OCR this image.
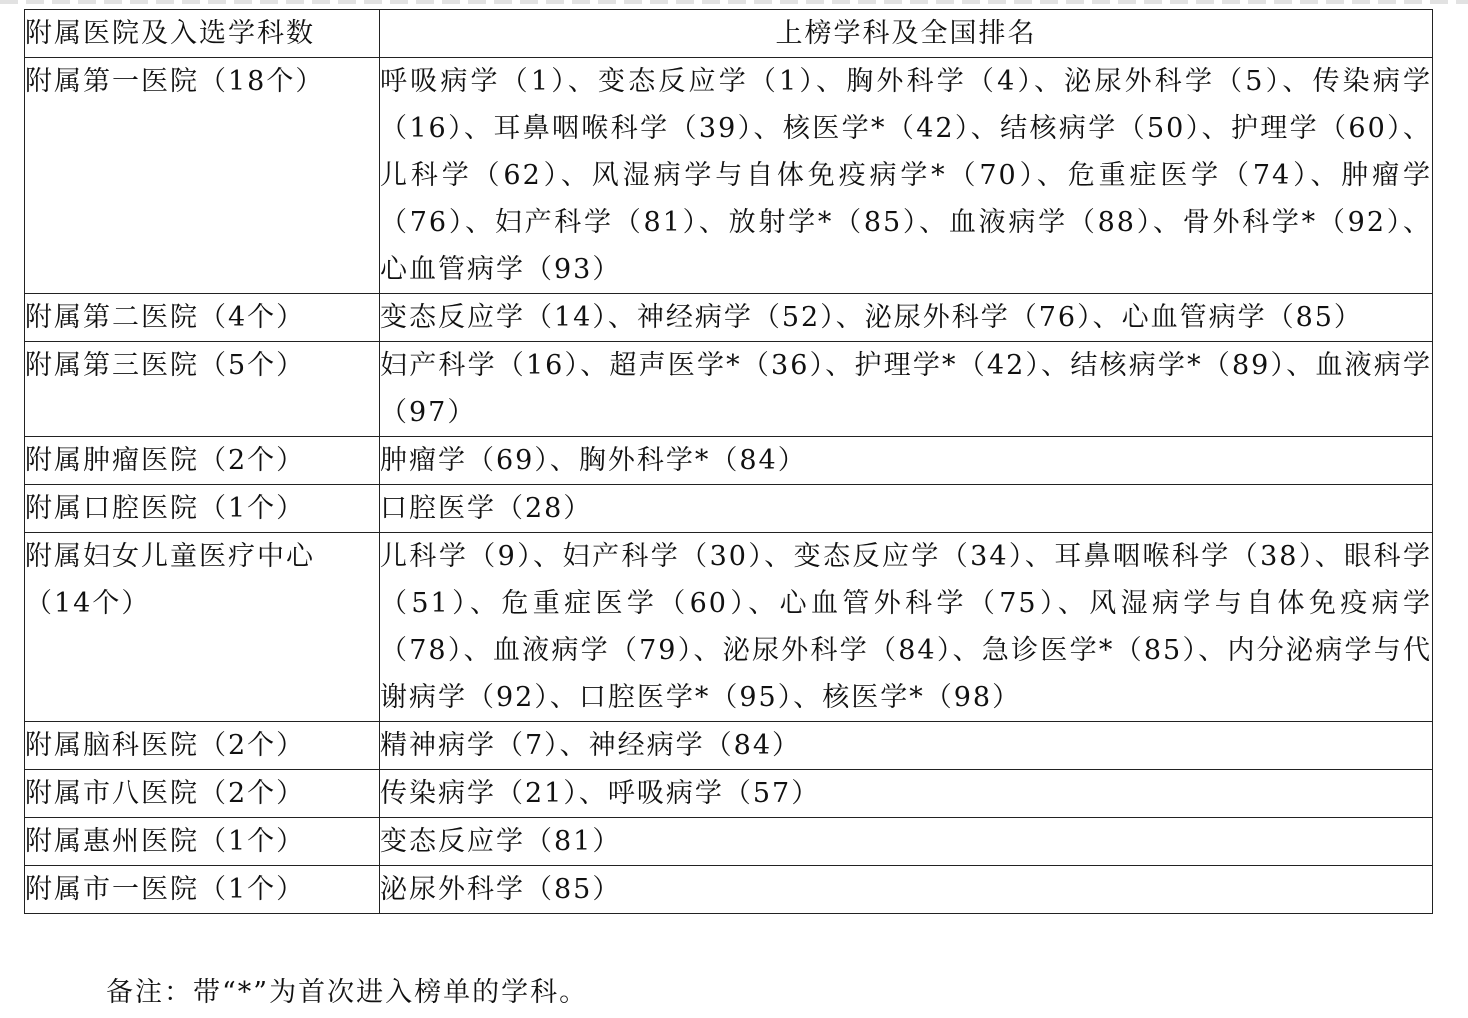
附属医院及入选学科数	上榜学科及全国排名
附属第一医院（18个）	呼吸病学（1）、变态反应学（1）、胸外科学（4）、泌尿外科学（5）、传染病学（16）、耳鼻咽喉科学（39）、核医学*（42）、结核病学（50）、护理学（60）、儿科学（62）、风湿病学与自体免疫病学*（70）、危重症医学（74）、肿瘤学（76）、妇产科学（81）、放射学*（85）、血液病学（88）、骨外科学*（92）、心血管病学（93）
附属第二医院（4个）	变态反应学（14）、神经病学（52）、泌尿外科学（76）、心血管病学（85）
附属第三医院（5个）	妇产科学（16）、超声医学*（36）、护理学*（42）、结核病学*（89）、血液病学（97）
附属肿瘤医院（2个）	肿瘤学（69）、胸外科学*（84）
附属口腔医院（1个）	口腔医学（28）
附属妇女儿童医疗中心（14个）	儿科学（9）、妇产科学（30）、变态反应学（34）、耳鼻咽喉科学（38）、眼科学（51）、危重症医学（60）、心血管外科学（75）、风湿病学与自体免疫病学（78）、血液病学（79）、泌尿外科学（84）、急诊医学*（85）、内分泌病学与代谢病学（92）、口腔医学*（95）、核医学*（98）
附属脑科医院（2个）	精神病学（7）、神经病学（84）
附属市八医院（2个）	传染病学（21）、呼吸病学（57）
附属惠州医院（1个）	变态反应学（81）
附属市一医院（1个）	泌尿外科学（85）
备注：带“*”为首次进入榜单的学科。
